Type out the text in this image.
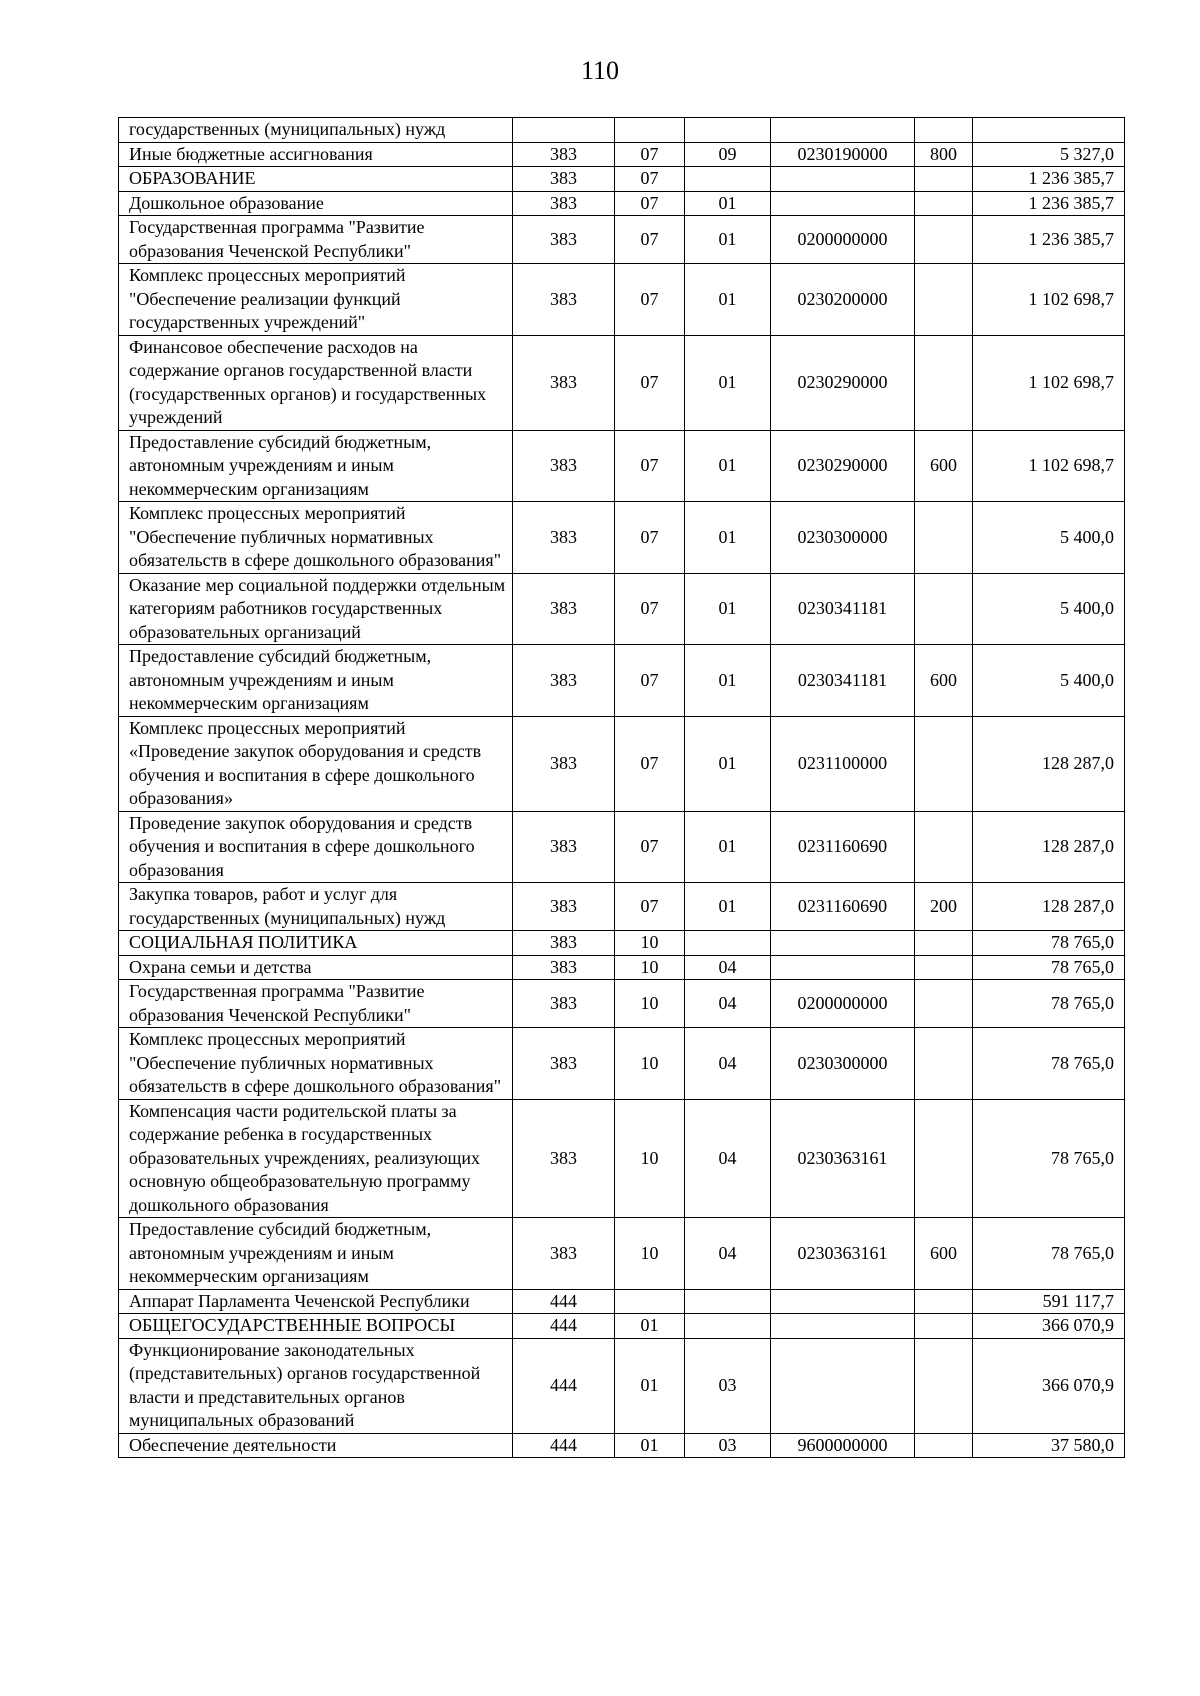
110
государственных (муниципальных) нужд						
Иные бюджетные ассигнования	383	07	09	0230190000	800	5 327,0
ОБРАЗОВАНИЕ	383	07				1 236 385,7
Дошкольное образование	383	07	01			1 236 385,7
Государственная программа "Развитие образования Чеченской Республики"	383	07	01	0200000000		1 236 385,7
Комплекс процессных мероприятий "Обеспечение реализации функций государственных учреждений"	383	07	01	0230200000		1 102 698,7
Финансовое обеспечение расходов на содержание органов государственной власти (государственных органов) и государственных учреждений	383	07	01	0230290000		1 102 698,7
Предоставление субсидий бюджетным, автономным учреждениям и иным некоммерческим организациям	383	07	01	0230290000	600	1 102 698,7
Комплекс процессных мероприятий "Обеспечение публичных нормативных обязательств в сфере дошкольного образования"	383	07	01	0230300000		5 400,0
Оказание мер социальной поддержки отдельным категориям работников государственных образовательных организаций	383	07	01	0230341181		5 400,0
Предоставление субсидий бюджетным, автономным учреждениям и иным некоммерческим организациям	383	07	01	0230341181	600	5 400,0
Комплекс процессных мероприятий «Проведение закупок оборудования и средств обучения и воспитания в сфере дошкольного образования»	383	07	01	0231100000		128 287,0
Проведение закупок оборудования и средств обучения и воспитания в сфере дошкольного образования	383	07	01	0231160690		128 287,0
Закупка товаров, работ и услуг для государственных (муниципальных) нужд	383	07	01	0231160690	200	128 287,0
СОЦИАЛЬНАЯ ПОЛИТИКА	383	10				78 765,0
Охрана семьи и детства	383	10	04			78 765,0
Государственная программа "Развитие образования Чеченской Республики"	383	10	04	0200000000		78 765,0
Комплекс процессных мероприятий "Обеспечение публичных нормативных обязательств в сфере дошкольного образования"	383	10	04	0230300000		78 765,0
Компенсация части родительской платы за содержание ребенка в государственных образовательных учреждениях, реализующих основную общеобразовательную программу дошкольного образования	383	10	04	0230363161		78 765,0
Предоставление субсидий бюджетным, автономным учреждениям и иным некоммерческим организациям	383	10	04	0230363161	600	78 765,0
Аппарат Парламента Чеченской Республики	444					591 117,7
ОБЩЕГОСУДАРСТВЕННЫЕ ВОПРОСЫ	444	01				366 070,9
Функционирование законодательных (представительных) органов государственной власти и представительных органов муниципальных образований	444	01	03			366 070,9
Обеспечение деятельности	444	01	03	9600000000		37 580,0
